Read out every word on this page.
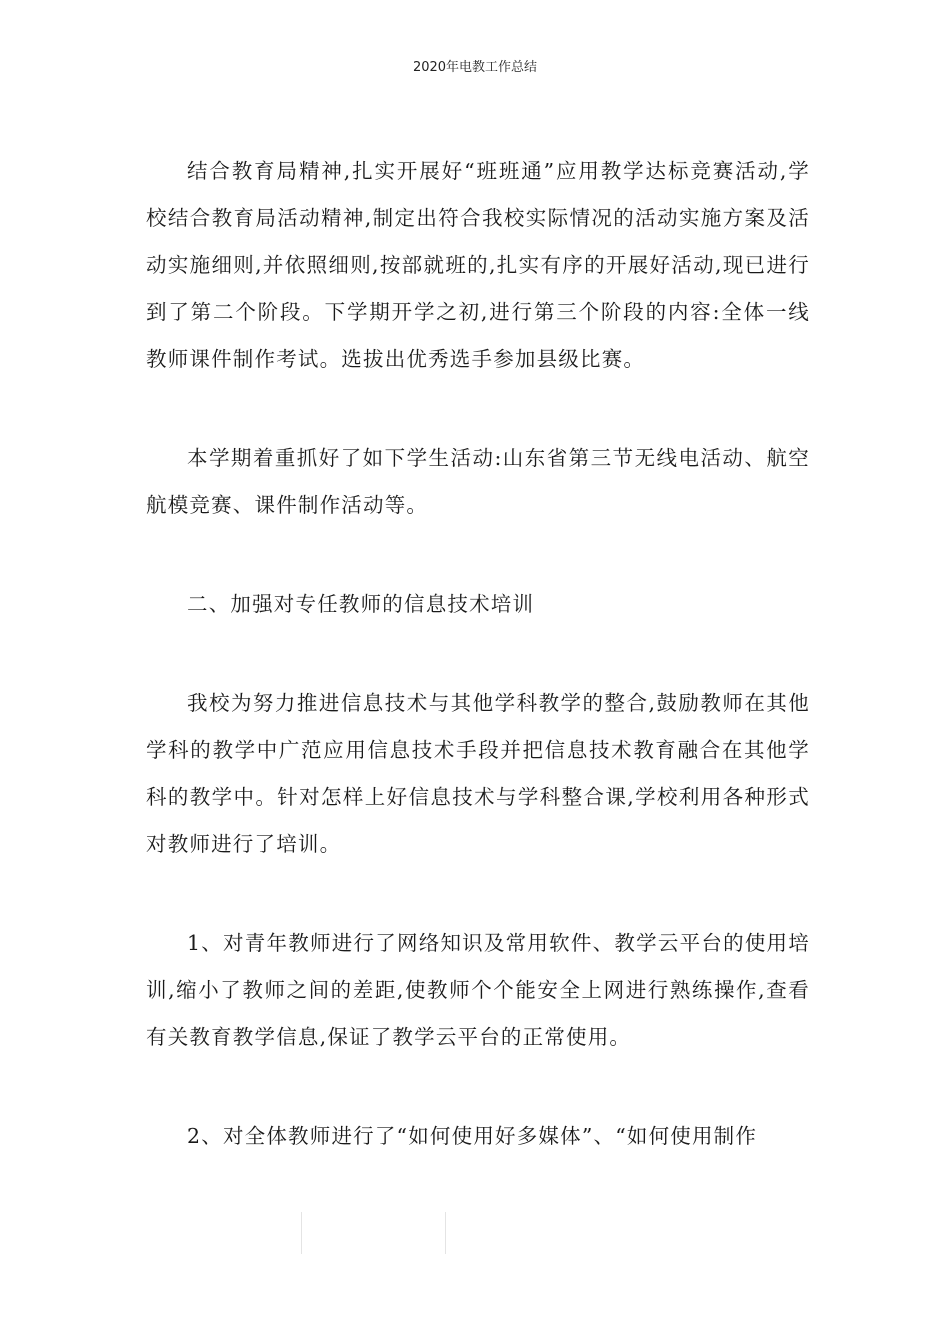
2020年电教工作总结

结合教育局精神,扎实开展好“班班通”应用教学达标竞赛活动,学校结合教育局活动精神,制定出符合我校实际情况的活动实施方案及活动实施细则,并依照细则,按部就班的,扎实有序的开展好活动,现已进行到了第二个阶段。下学期开学之初,进行第三个阶段的内容:全体一线教师课件制作考试。选拔出优秀选手参加县级比赛。

本学期着重抓好了如下学生活动:山东省第三节无线电活动、航空航模竞赛、课件制作活动等。

二、加强对专任教师的信息技术培训

我校为努力推进信息技术与其他学科教学的整合,鼓励教师在其他学科的教学中广范应用信息技术手段并把信息技术教育融合在其他学科的教学中。针对怎样上好信息技术与学科整合课,学校利用各种形式对教师进行了培训。

1、对青年教师进行了网络知识及常用软件、教学云平台的使用培训,缩小了教师之间的差距,使教师个个能安全上网进行熟练操作,查看有关教育教学信息,保证了教学云平台的正常使用。

2、对全体教师进行了“如何使用好多媒体”、“如何使用制作
